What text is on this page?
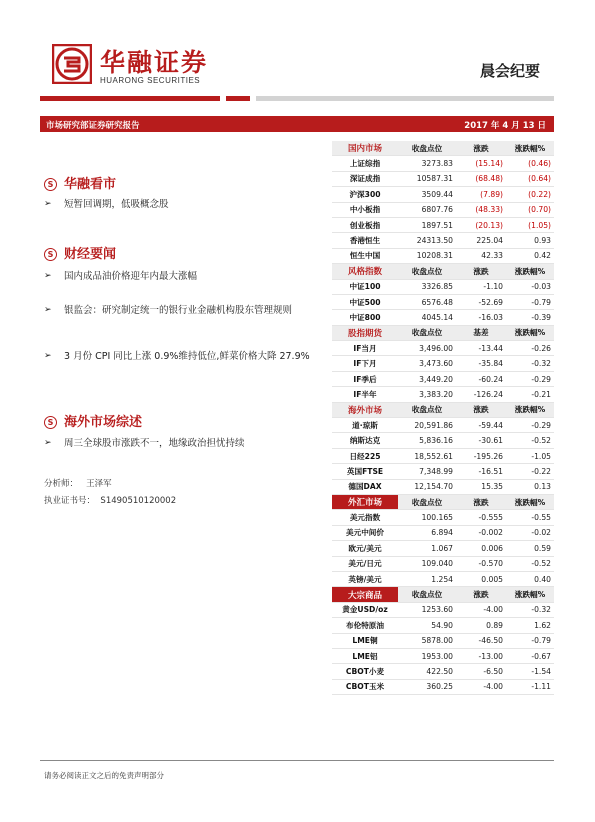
华融证券
HUARONG SECURITIES
晨会纪要
市场研究部证券研究报告	2017 年 4 月 13 日
S 华融看市
➢	短暂回调期，低吸概念股
S 财经要闻
➢	国内成品油价格迎年内最大涨幅
➢	银监会：研究制定统一的银行业金融机构股东管理规则
➢	3 月份 CPI 同比上涨 0.9%维持低位,鲜菜价格大降 27.9%
S 海外市场综述
➢	周三全球股市涨跌不一，地缘政治担忧持续
分析师： 王泽军
执业证书号： S1490510120002
国内市场	收盘点位	涨跌	涨跌幅%
上证综指	3273.83	(15.14)	(0.46)
深证成指	10587.31	(68.48)	(0.64)
沪深300	3509.44	(7.89)	(0.22)
中小板指	6807.76	(48.33)	(0.70)
创业板指	1897.51	(20.13)	(1.05)
香港恒生	24313.50	225.04	0.93
恒生中国	10208.31	42.33	0.42
风格指数	收盘点位	涨跌	涨跌幅%
中证100	3326.85	-1.10	-0.03
中证500	6576.48	-52.69	-0.79
中证800	4045.14	-16.03	-0.39
股指期货	收盘点位	基差	涨跌幅%
IF当月	3,496.00	-13.44	-0.26
IF下月	3,473.60	-35.84	-0.32
IF季后	3,449.20	-60.24	-0.29
IF半年	3,383.20	-126.24	-0.21
海外市场	收盘点位	涨跌	涨跌幅%
道·琼斯	20,591.86	-59.44	-0.29
纳斯达克	5,836.16	-30.61	-0.52
日经225	18,552.61	-195.26	-1.05
英国FTSE	7,348.99	-16.51	-0.22
德国DAX	12,154.70	15.35	0.13
外汇市场	收盘点位	涨跌	涨跌幅%
美元指数	100.165	-0.555	-0.55
美元中间价	6.894	-0.002	-0.02
欧元/美元	1.067	0.006	0.59
美元/日元	109.040	-0.570	-0.52
英镑/美元	1.254	0.005	0.40
大宗商品	收盘点位	涨跌	涨跌幅%
黄金USD/oz	1253.60	-4.00	-0.32
布伦特原油	54.90	0.89	1.62
LME铜	5878.00	-46.50	-0.79
LME铝	1953.00	-13.00	-0.67
CBOT小麦	422.50	-6.50	-1.54
CBOT玉米	360.25	-4.00	-1.11
请务必阅读正文之后的免责声明部分
